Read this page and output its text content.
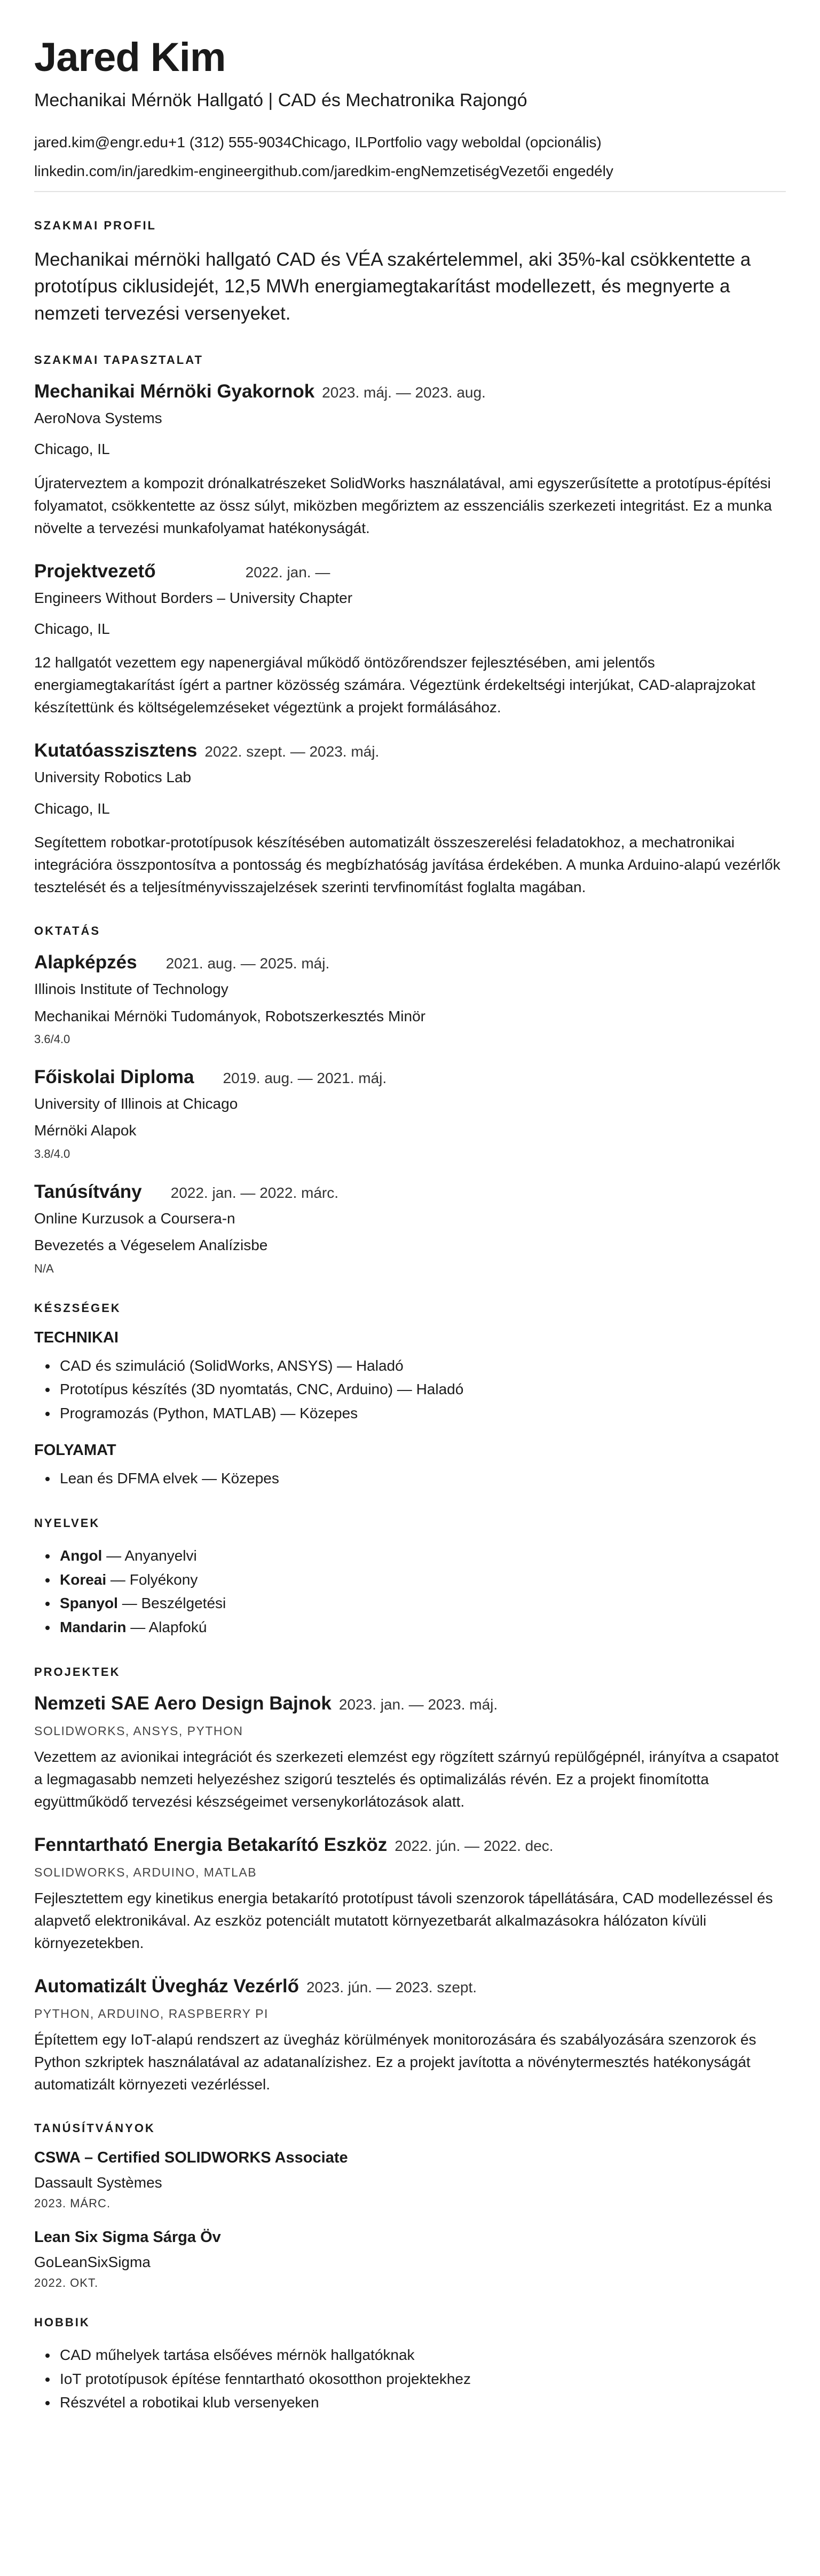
Jared Kim
Mechanikai Mérnök Hallgató | CAD és Mechatronika Rajongó
jared.kim@engr.edu+1 (312) 555-9034Chicago, ILPortfolio vagy weboldal (opcionális)
linkedin.com/in/jaredkim-engineergithub.com/jaredkim-engNemzetiségVezetői engedély
SZAKMAI PROFIL

Mechanikai mérnöki hallgató CAD és VÉA szakértelemmel, aki 35%-kal csökkentette a prototípus ciklusidejét, 12,5 MWh energiamegtakarítást modellezett, és megnyerte a nemzeti tervezési versenyeket.

SZAKMAI TAPASZTALAT
Mechanikai Mérnöki Gyakornok 2023. máj. — 2023. aug.
AeroNova Systems
Chicago, IL
Újraterveztem a kompozit drónalkatrészeket SolidWorks használatával, ami egyszerűsítette a prototípus-építési folyamatot, csökkentette az össz súlyt, miközben megőriztem az esszenciális szerkezeti integritást. Ez a munka növelte a tervezési munkafolyamat hatékonyságát.
Projektvezető	2022. jan. —
Engineers Without Borders – University Chapter
Chicago, IL
12 hallgatót vezettem egy napenergiával működő öntözőrendszer fejlesztésében, ami jelentős energiamegtakarítást ígért a partner közösség számára. Végeztünk érdekeltségi interjúkat, CAD-alaprajzokat készítettünk és költségelemzéseket végeztünk a projekt formálásához.
Kutatóasszisztens 2022. szept. — 2023. máj.
University Robotics Lab
Chicago, IL
Segítettem robotkar-prototípusok készítésében automatizált összeszerelési feladatokhoz, a mechatronikai integrációra összpontosítva a pontosság és megbízhatóság javítása érdekében. A munka Arduino-alapú vezérlők tesztelését és a teljesítményvisszajelzések szerinti tervfinomítást foglalta magában.
OKTATÁS
Alapképzés 2021. aug. — 2025. máj.
Illinois Institute of Technology
Mechanikai Mérnöki Tudományok, Robotszerkesztés Minör
3.6/4.0
Főiskolai Diploma 2019. aug. — 2021. máj.
University of Illinois at Chicago
Mérnöki Alapok
3.8/4.0
Tanúsítvány 2022. jan. — 2022. márc.
Online Kurzusok a Coursera-n
Bevezetés a Végeselem Analízisbe
N/A
KÉSZSÉGEK
TECHNIKAI
• CAD és szimuláció (SolidWorks, ANSYS) — Haladó
• Prototípus készítés (3D nyomtatás, CNC, Arduino) — Haladó
• Programozás (Python, MATLAB) — Közepes
FOLYAMAT
• Lean és DFMA elvek — Közepes
NYELVEK
• Angol — Anyanyelvi
• Koreai — Folyékony
• Spanyol — Beszélgetési
• Mandarin — Alapfokú
PROJEKTEK
Nemzeti SAE Aero Design Bajnok 2023. jan. — 2023. máj.
SOLIDWORKS, ANSYS, PYTHON
Vezettem az avionikai integrációt és szerkezeti elemzést egy rögzített szárnyú repülőgépnél, irányítva a csapatot a legmagasabb nemzeti helyezéshez szigorú tesztelés és optimalizálás révén. Ez a projekt finomította együttműködő tervezési készségeimet versenykorlátozások alatt.
Fenntartható Energia Betakarító Eszköz 2022. jún. — 2022. dec.
SOLIDWORKS, ARDUINO, MATLAB
Fejlesztettem egy kinetikus energia betakarító prototípust távoli szenzorok tápellátására, CAD modellezéssel és alapvető elektronikával. Az eszköz potenciált mutatott környezetbarát alkalmazásokra hálózaton kívüli környezetekben.
Automatizált Üvegház Vezérlő 2023. jún. — 2023. szept.
PYTHON, ARDUINO, RASPBERRY PI
Építettem egy IoT-alapú rendszert az üvegház körülmények monitorozására és szabályozására szenzorok és Python szkriptek használatával az adatanalízishez. Ez a projekt javította a növénytermesztés hatékonyságát automatizált környezeti vezérléssel.
TANÚSÍTVÁNYOK
CSWA – Certified SOLIDWORKS Associate
Dassault Systèmes
2023. MÁRC.
Lean Six Sigma Sárga Öv
GoLeanSixSigma
2022. OKT.
HOBBIK
• CAD műhelyek tartása elsőéves mérnök hallgatóknak
• IoT prototípusok építése fenntartható okosotthon projektekhez
• Részvétel a robotikai klub versenyeken
